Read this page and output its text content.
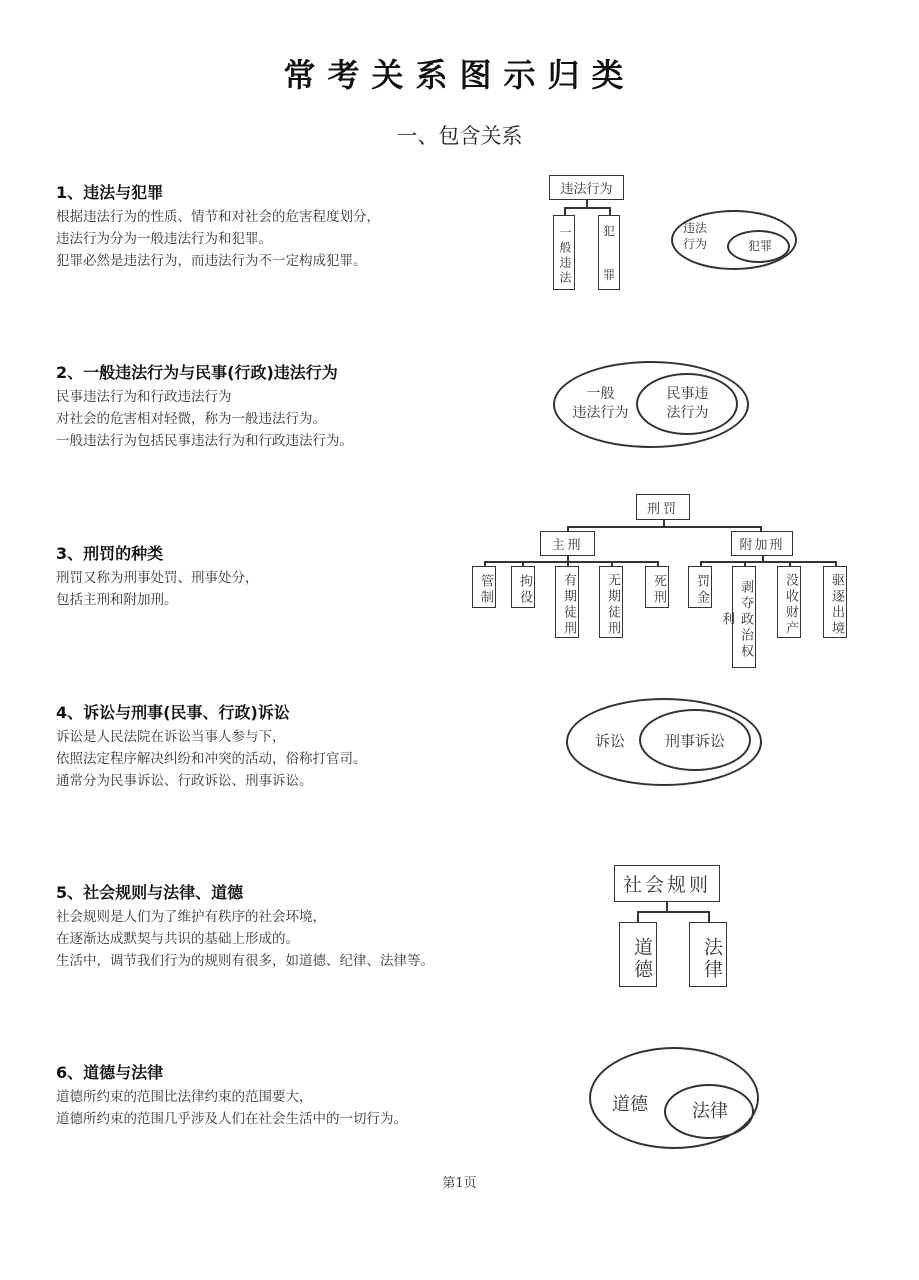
常考关系图示归类
一、包含关系
1、违法与犯罪
根据违法行为的性质、情节和对社会的危害程度划分，
违法行为分为一般违法行为和犯罪。
犯罪必然是违法行为，而违法行为不一定构成犯罪。
违法行为
一般违法	犯
罪
违法
行为	犯罪
2、一般违法行为与民事(行政)违法行为
民事违法行为和行政违法行为
对社会的危害相对轻微，称为一般违法行为。
一般违法行为包括民事违法行为和行政违法行为。
一般
违法行为
民事违
法行为
3、刑罚的种类
刑罚又称为刑事处罚、刑事处分，
包括主刑和附加刑。
刑罚
主刑	附加刑
管制	拘役	有期徒刑	无期徒刑	死刑	罚金	剥夺政治权利	没收财产	驱逐出境
4、诉讼与刑事(民事、行政)诉讼
诉讼是人民法院在诉讼当事人参与下，
依照法定程序解决纠纷和冲突的活动，俗称打官司。
通常分为民事诉讼、行政诉讼、刑事诉讼。
诉讼	刑事诉讼
5、社会规则与法律、道德
社会规则是人们为了维护有秩序的社会环境，
在逐渐达成默契与共识的基础上形成的。
生活中，调节我们行为的规则有很多，如道德、纪律、法律等。
社会规则
道德	法律
6、道德与法律
道德所约束的范围比法律约束的范围要大，
道德所约束的范围几乎涉及人们在社会生活中的一切行为。
道德	法律
第1页
